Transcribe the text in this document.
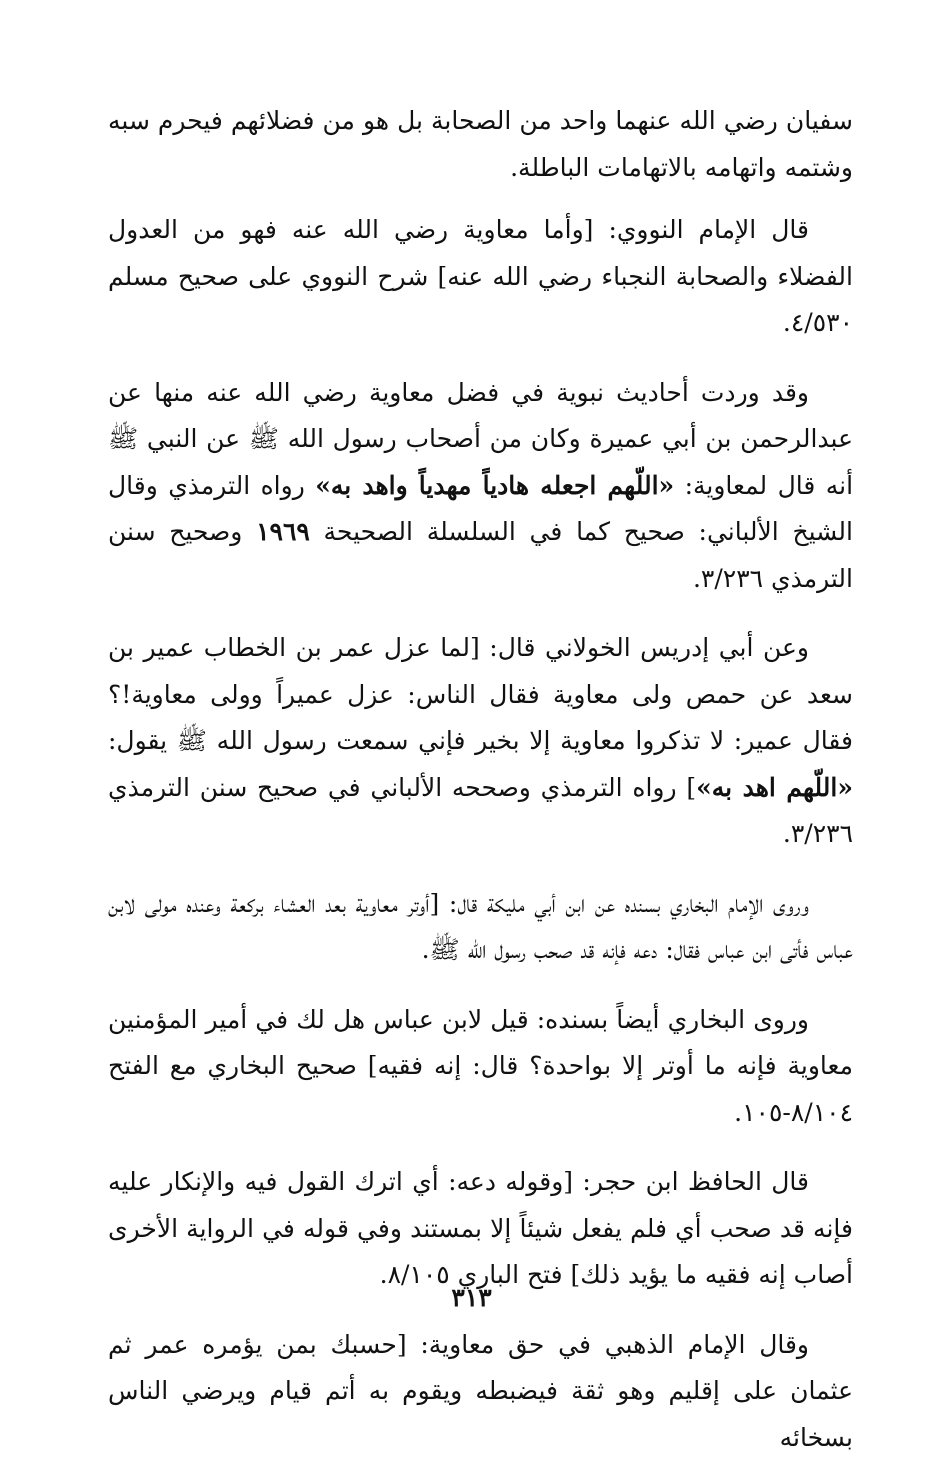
سفيان رضي الله عنهما واحد من الصحابة بل هو من فضلائهم فيحرم سبه وشتمه واتهامه بالاتهامات الباطلة.

قال الإمام النووي: [وأما معاوية رضي الله عنه فهو من العدول الفضلاء والصحابة النجباء رضي الله عنه] شرح النووي على صحيح مسلم ٤/٥٣٠.

وقد وردت أحاديث نبوية في فضل معاوية رضي الله عنه منها عن عبدالرحمن بن أبي عميرة وكان من أصحاب رسول الله ﷺ عن النبي ﷺ أنه قال لمعاوية: «اللّهم اجعله هادياً مهدياً واهد به» رواه الترمذي وقال الشيخ الألباني: صحيح كما في السلسلة الصحيحة ١٩٦٩ وصحيح سنن الترمذي ٣/٢٣٦.

وعن أبي إدريس الخولاني قال: [لما عزل عمر بن الخطاب عمير بن سعد عن حمص ولى معاوية فقال الناس: عزل عميراً وولى معاوية!؟ فقال عمير: لا تذكروا معاوية إلا بخير فإني سمعت رسول الله ﷺ يقول: «اللّهم اهد به»] رواه الترمذي وصححه الألباني في صحيح سنن الترمذي ٣/٢٣٦.

وروى الإمام البخاري بسنده عن ابن أبي مليكة قال: [أوتر معاوية بعد العشاء بركعة وعنده مولى لابن عباس فأتى ابن عباس فقال: دعه فإنه قد صحب رسول الله ﷺ.

وروى البخاري أيضاً بسنده: قيل لابن عباس هل لك في أمير المؤمنين معاوية فإنه ما أوتر إلا بواحدة؟ قال: إنه فقيه] صحيح البخاري مع الفتح ٨/١٠٤-١٠٥.

قال الحافظ ابن حجر: [وقوله دعه: أي اترك القول فيه والإنكار عليه فإنه قد صحب أي فلم يفعل شيئاً إلا بمستند وفي قوله في الرواية الأخرى أصاب إنه فقيه ما يؤيد ذلك] فتح الباري ٨/١٠٥.

وقال الإمام الذهبي في حق معاوية: [حسبك بمن يؤمره عمر ثم عثمان على إقليم وهو ثقة فيضبطه ويقوم به أتم قيام ويرضي الناس بسخائه

٣١٣
